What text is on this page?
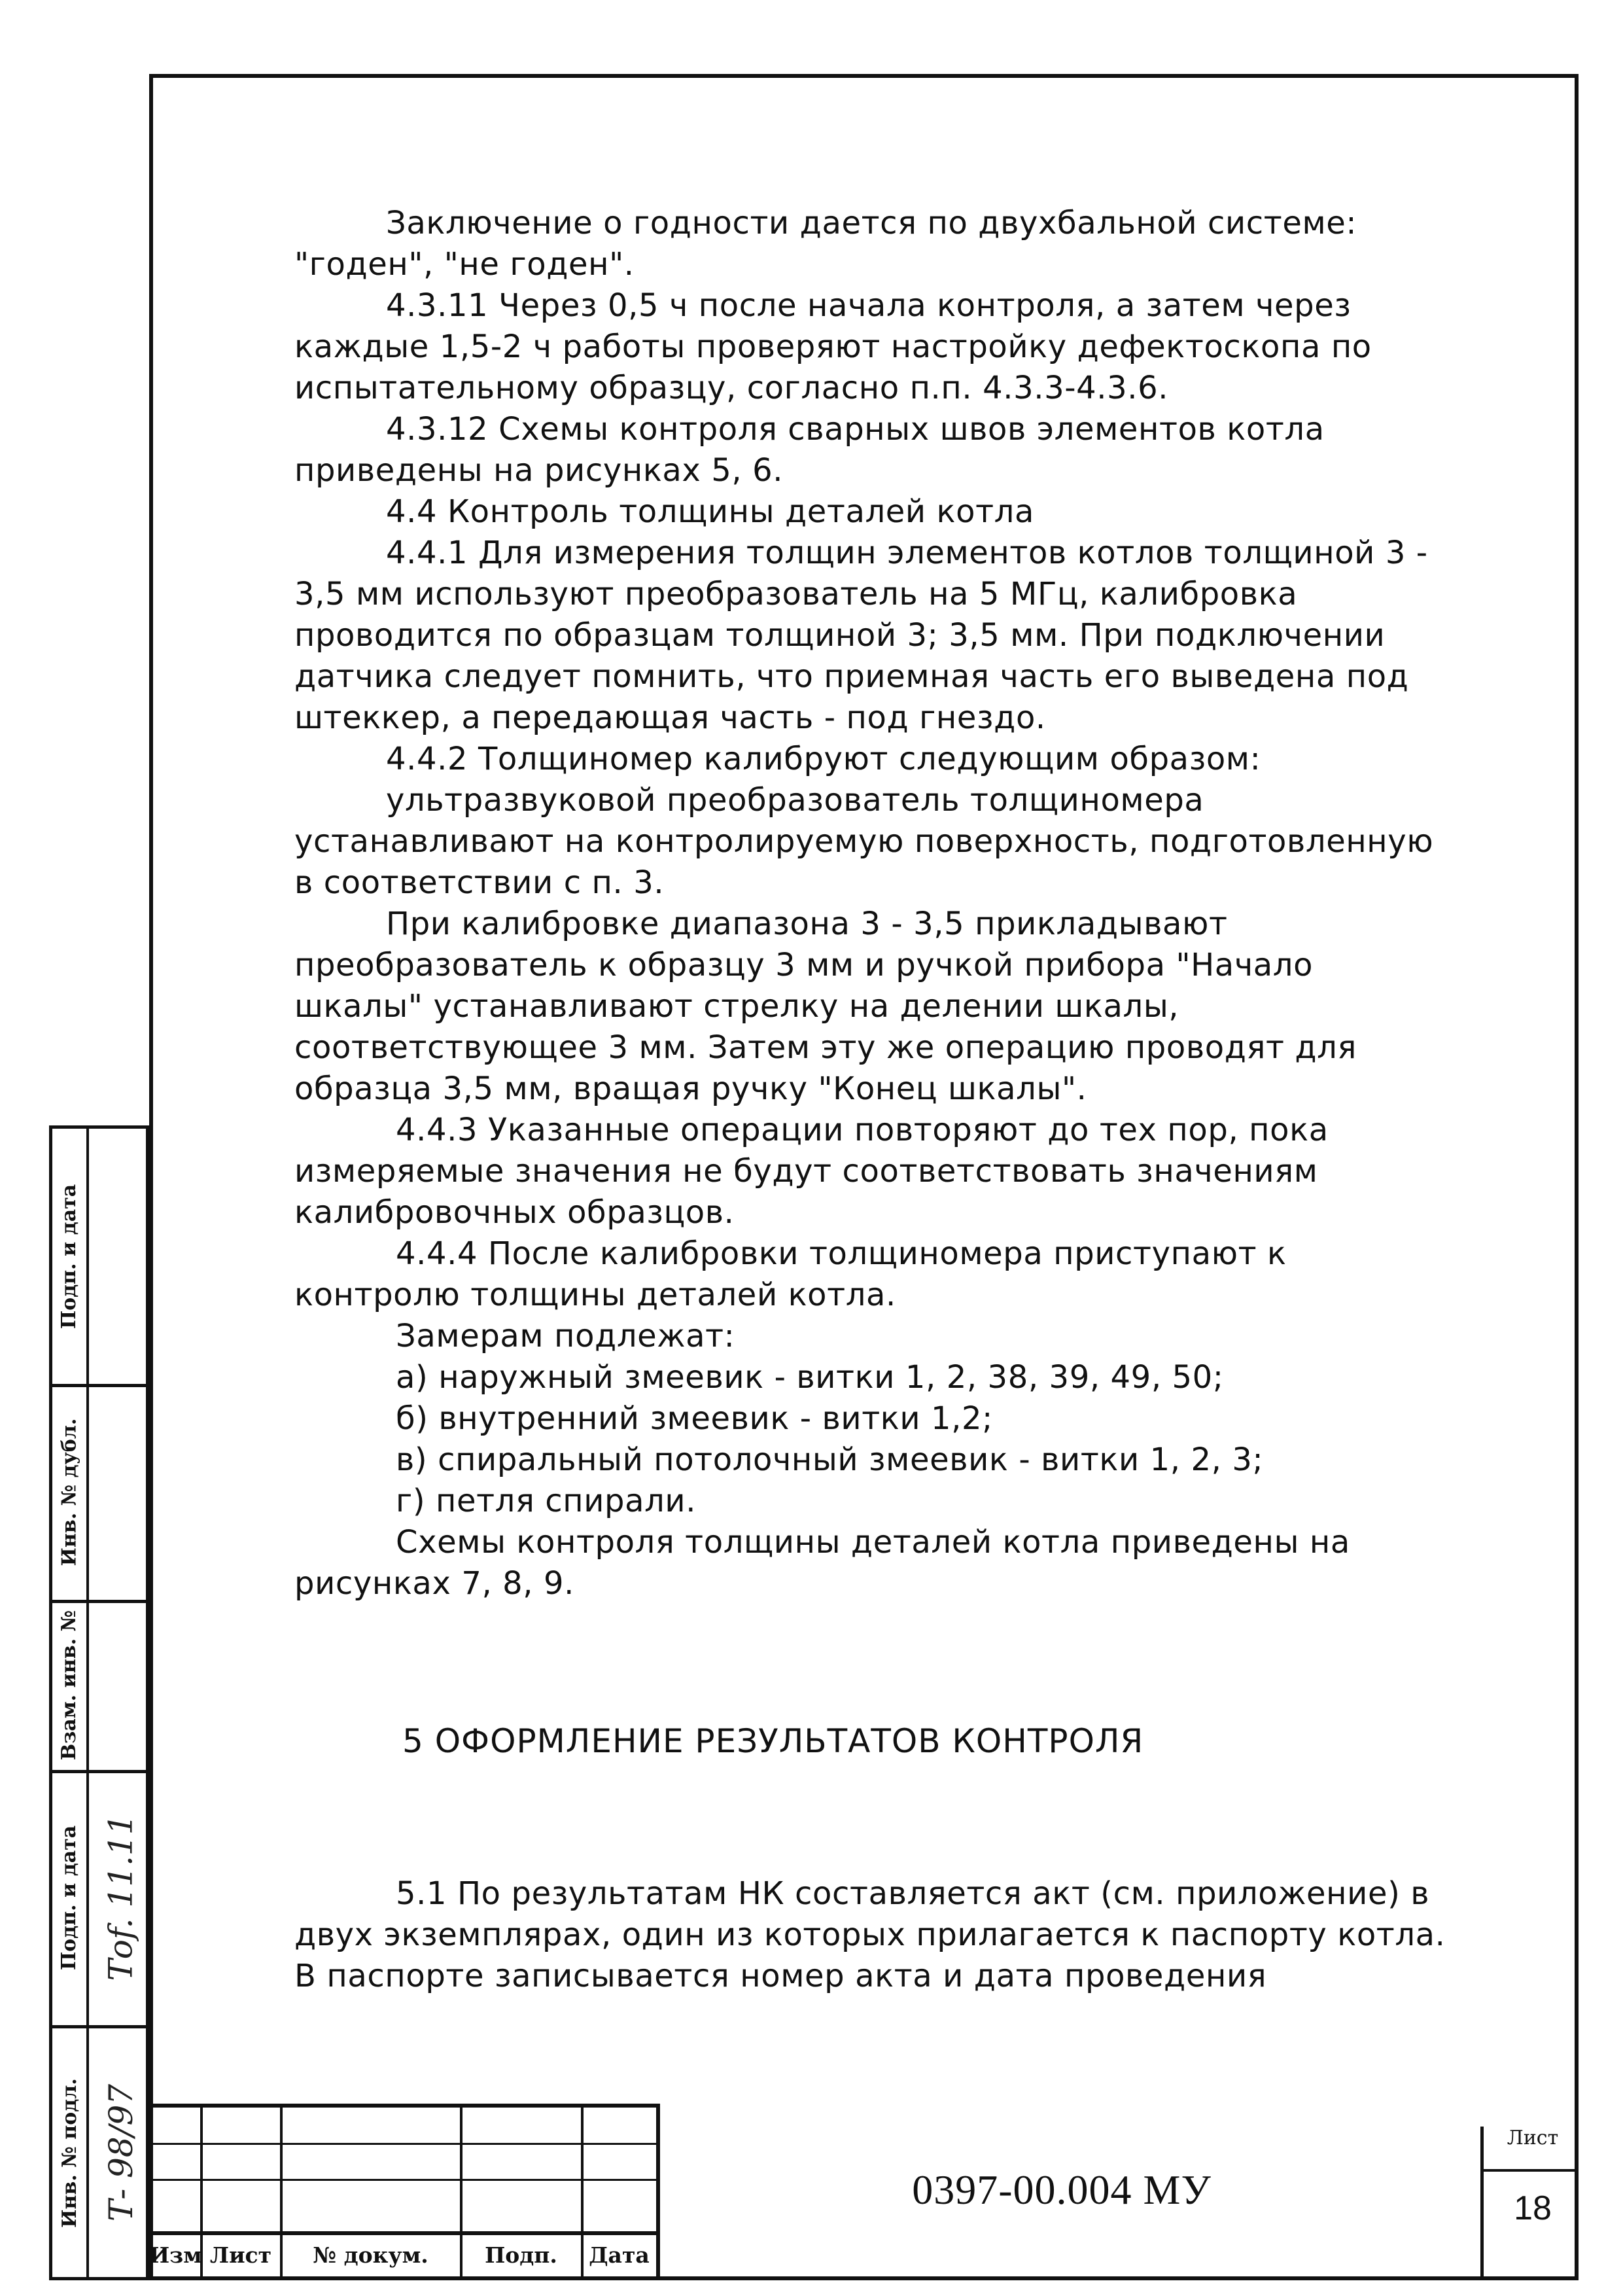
Заключение о годности дается по двухбальной системе: "годен", "не годен".

4.3.11 Через 0,5 ч после начала контроля, а затем через каждые 1,5-2 ч работы проверяют настройку дефектоскопа по испытательному образцу, согласно п.п. 4.3.3-4.3.6.

4.3.12 Схемы контроля сварных швов элементов котла приведены на рисунках 5, 6.

4.4 Контроль толщины деталей котла

4.4.1 Для измерения толщин элементов котлов толщиной 3 - 3,5 мм используют преобразователь на 5 МГц, калибровка проводится по образцам толщиной 3; 3,5 мм. При подключении датчика следует помнить, что приемная часть его выведена под штеккер, а передающая часть - под гнездо.

4.4.2 Толщиномер калибруют следующим образом:

ультразвуковой преобразователь толщиномера устанавливают на контролируемую поверхность, подготовленную в соответствии с п. 3.

При калибровке диапазона 3 - 3,5 прикладывают преобразователь к образцу 3 мм и ручкой прибора "Начало шкалы" устанавливают стрелку на делении шкалы, соответствующее 3 мм. Затем эту же операцию проводят для образца 3,5 мм, вращая ручку "Конец шкалы".

4.4.3 Указанные операции повторяют до тех пор, пока измеряемые значения не будут соответствовать значениям калибровочных образцов.

4.4.4 После калибровки толщиномера приступают к контролю толщины деталей котла.

Замерам подлежат:

а) наружный змеевик - витки 1, 2, 38, 39, 49, 50;

б) внутренний змеевик - витки 1,2;

в) спиральный потолочный змеевик - витки 1, 2, 3;

г) петля спирали.

Схемы контроля толщины деталей котла приведены на рисунках 7, 8, 9.

5 ОФОРМЛЕНИЕ РЕЗУЛЬТАТОВ КОНТРОЛЯ

5.1 По результатам НК составляется акт (см. приложение) в двух экземплярах, один из которых прилагается к паспорту котла. В паспорте записывается номер акта и дата проведения

Подп. и дата
Инв. № дубл.
Взам. инв. №
Подп. и дата
Инв. № подл.
Тоf. 11.11
Т- 98/97
Изм Лист	№ докум.	Подп.	Дата
0397-00.004 МУ
Лист
18
